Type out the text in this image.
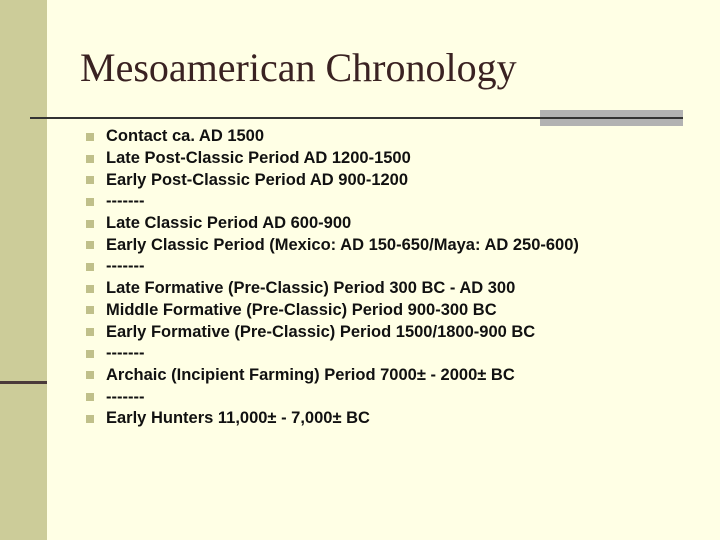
Mesoamerican Chronology
Contact ca. AD 1500
Late Post-Classic Period AD 1200-1500
Early Post-Classic Period AD 900-1200
-------
Late Classic Period AD 600-900
Early Classic Period (Mexico: AD 150-650/Maya: AD 250-600)
-------
Late Formative (Pre-Classic) Period 300 BC - AD 300
Middle Formative (Pre-Classic) Period 900-300 BC
Early Formative (Pre-Classic) Period 1500/1800-900 BC
-------
Archaic (Incipient Farming) Period 7000± - 2000± BC
-------
Early Hunters 11,000± - 7,000± BC
